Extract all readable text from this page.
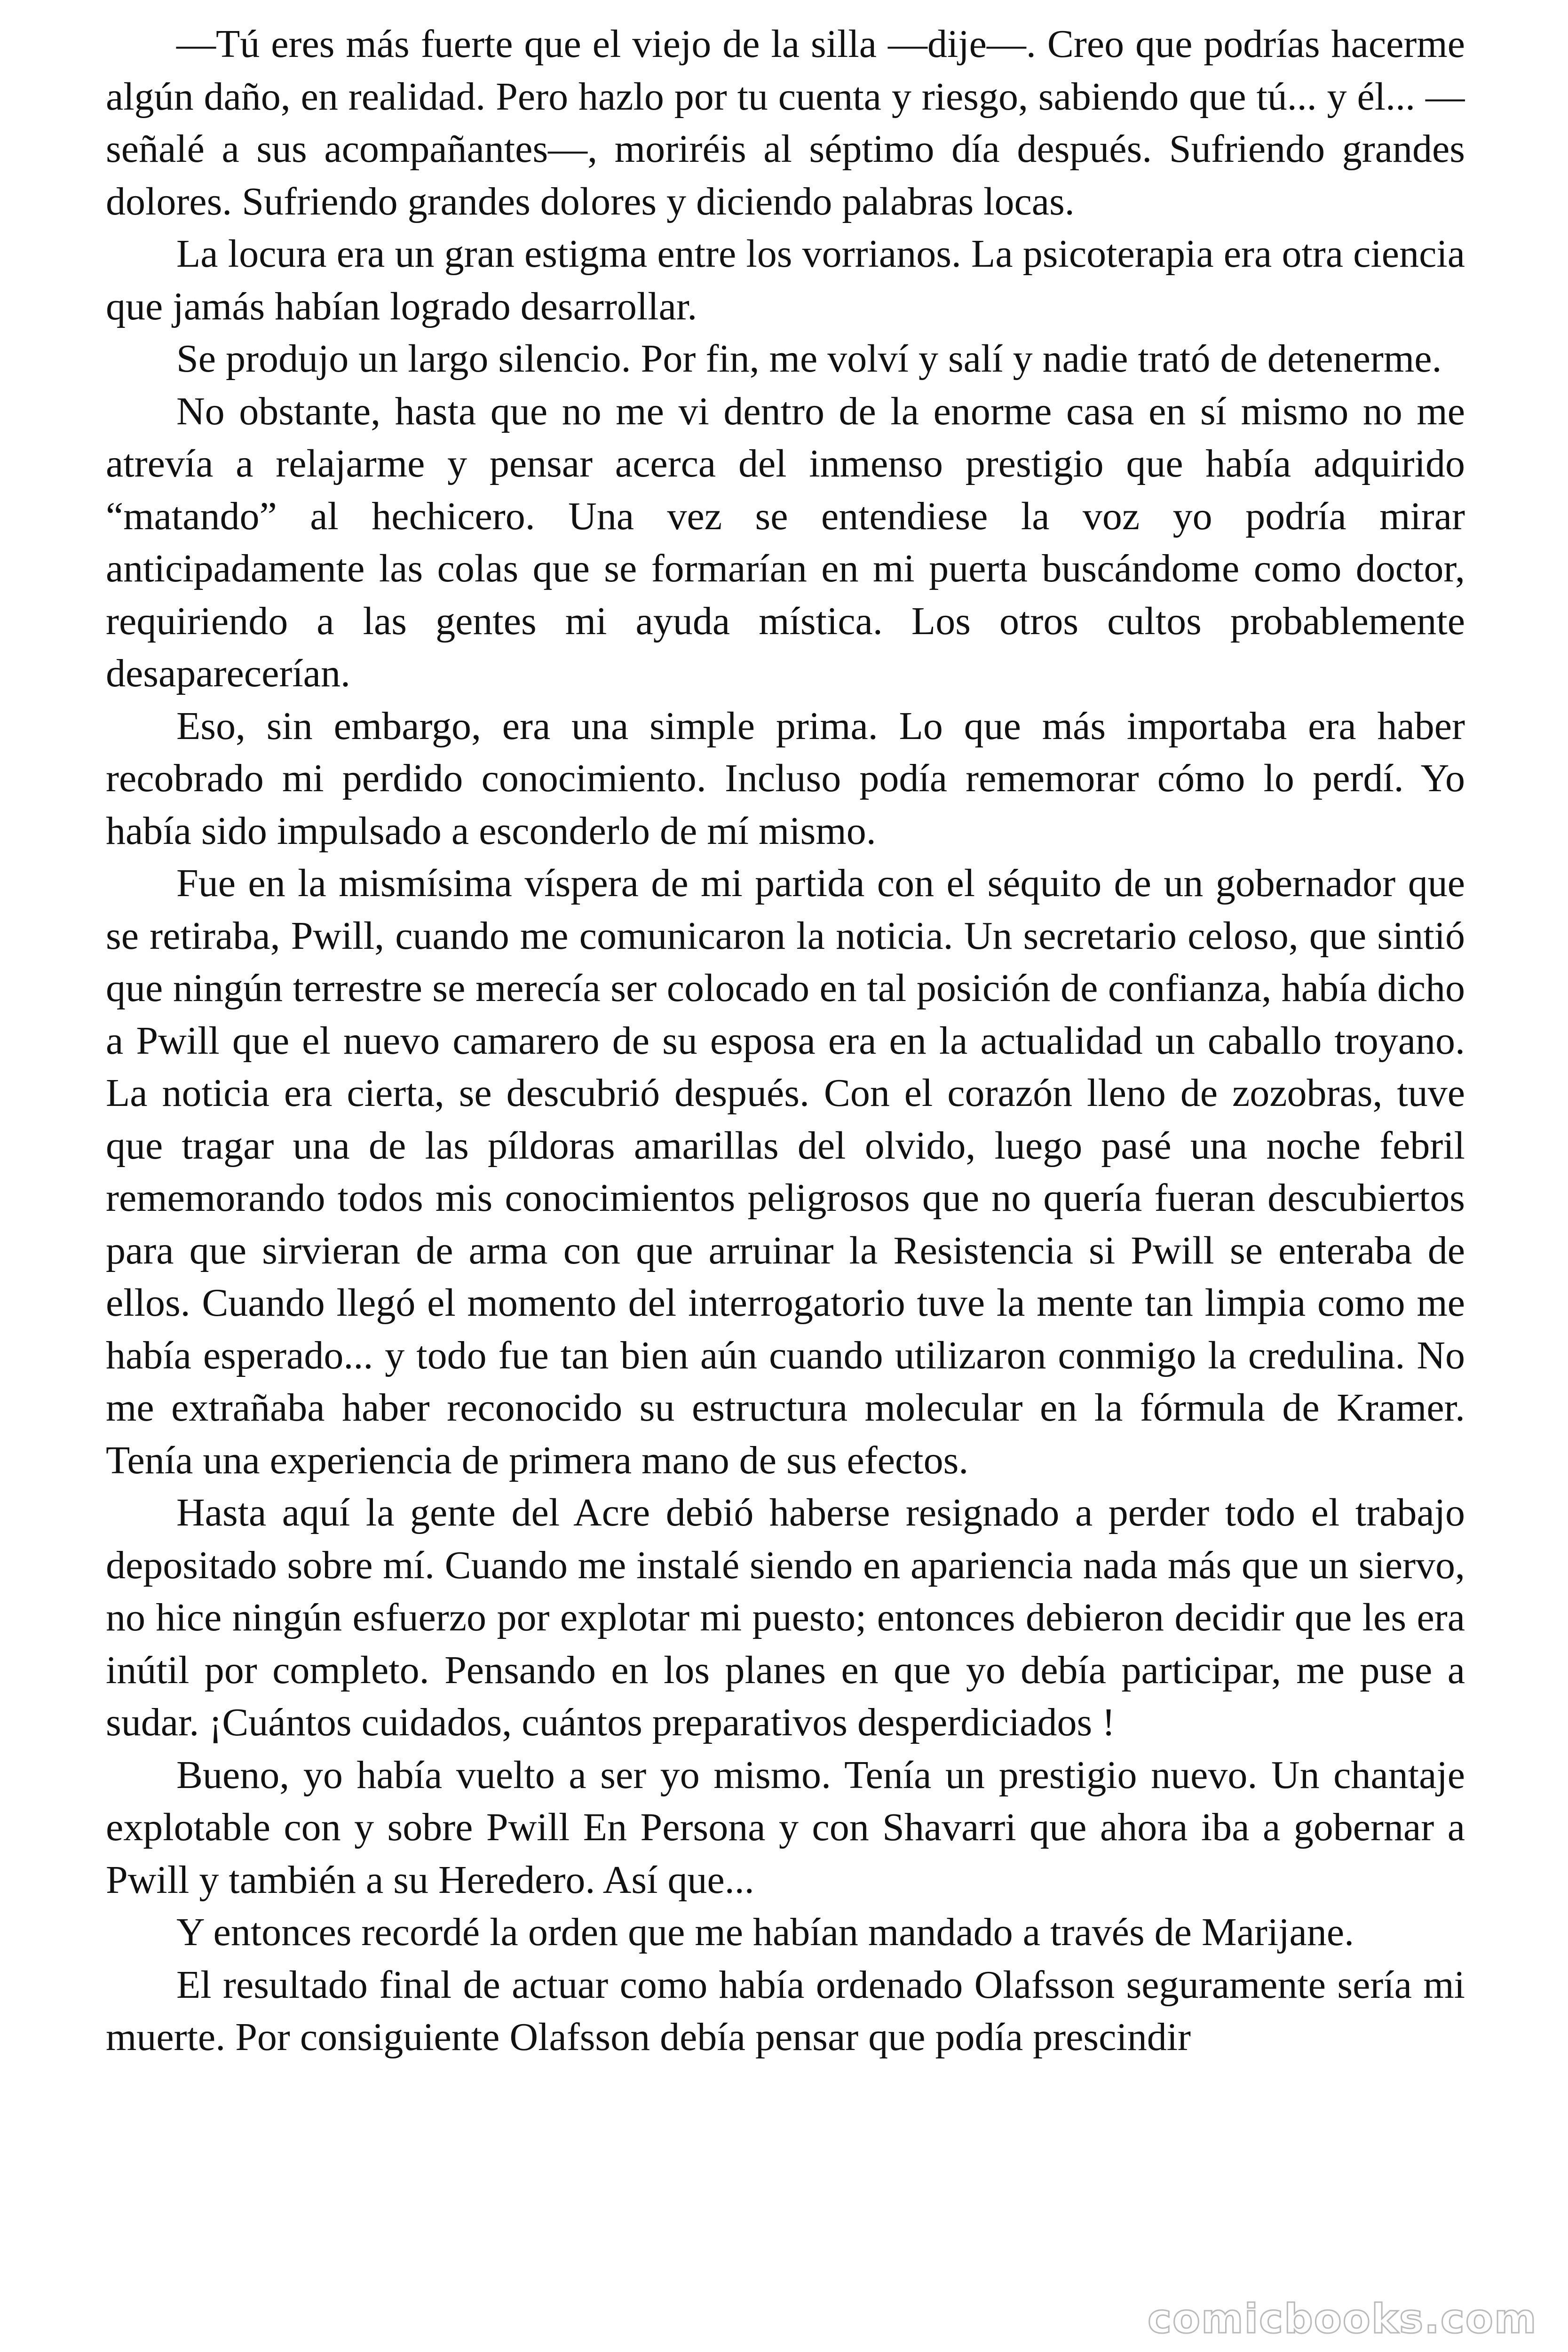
—Tú eres más fuerte que el viejo de la silla —dije—. Creo que podrías hacerme algún daño, en realidad. Pero hazlo por tu cuenta y riesgo, sabiendo que tú... y él... —señalé a sus acompañantes—, moriréis al séptimo día después. Sufriendo grandes dolores. Sufriendo grandes dolores y diciendo palabras locas.

La locura era un gran estigma entre los vorrianos. La psicoterapia era otra ciencia que jamás habían logrado desarrollar.

Se produjo un largo silencio. Por fin, me volví y salí y nadie trató de detenerme.

No obstante, hasta que no me vi dentro de la enorme casa en sí mismo no me atrevía a relajarme y pensar acerca del inmenso prestigio que había adquirido “matando” al hechicero. Una vez se entendiese la voz yo podría mirar anticipadamente las colas que se formarían en mi puerta buscándome como doctor, requiriendo a las gentes mi ayuda mística. Los otros cultos probablemente desaparecerían.

Eso, sin embargo, era una simple prima. Lo que más importaba era haber recobrado mi perdido conocimiento. Incluso podía rememorar cómo lo perdí. Yo había sido impulsado a esconderlo de mí mismo.

Fue en la mismísima víspera de mi partida con el séquito de un gobernador que se retiraba, Pwill, cuando me comunicaron la noticia. Un secretario celoso, que sintió que ningún terrestre se merecía ser colocado en tal posición de confianza, había dicho a Pwill que el nuevo camarero de su esposa era en la actualidad un caballo troyano. La noticia era cierta, se descubrió después. Con el corazón lleno de zozobras, tuve que tragar una de las píldoras amarillas del olvido, luego pasé una noche febril rememorando todos mis conocimientos peligrosos que no quería fueran descubiertos para que sirvieran de arma con que arruinar la Resistencia si Pwill se enteraba de ellos. Cuando llegó el momento del interrogatorio tuve la mente tan limpia como me había esperado... y todo fue tan bien aún cuando utilizaron conmigo la credulina. No me extrañaba haber reconocido su estructura molecular en la fórmula de Kramer. Tenía una experiencia de primera mano de sus efectos.

Hasta aquí la gente del Acre debió haberse resignado a perder todo el trabajo depositado sobre mí. Cuando me instalé siendo en apariencia nada más que un siervo, no hice ningún esfuerzo por explotar mi puesto; entonces debieron decidir que les era inútil por completo. Pensando en los planes en que yo debía participar, me puse a sudar. ¡Cuántos cuidados, cuántos preparativos desperdiciados !

Bueno, yo había vuelto a ser yo mismo. Tenía un prestigio nuevo. Un chantaje explotable con y sobre Pwill En Persona y con Shavarri que ahora iba a gobernar a Pwill y también a su Heredero. Así que...

Y entonces recordé la orden que me habían mandado a través de Marijane.

El resultado final de actuar como había ordenado Olafsson seguramente sería mi muerte. Por consiguiente Olafsson debía pensar que podía prescindir

comicbooks.com
